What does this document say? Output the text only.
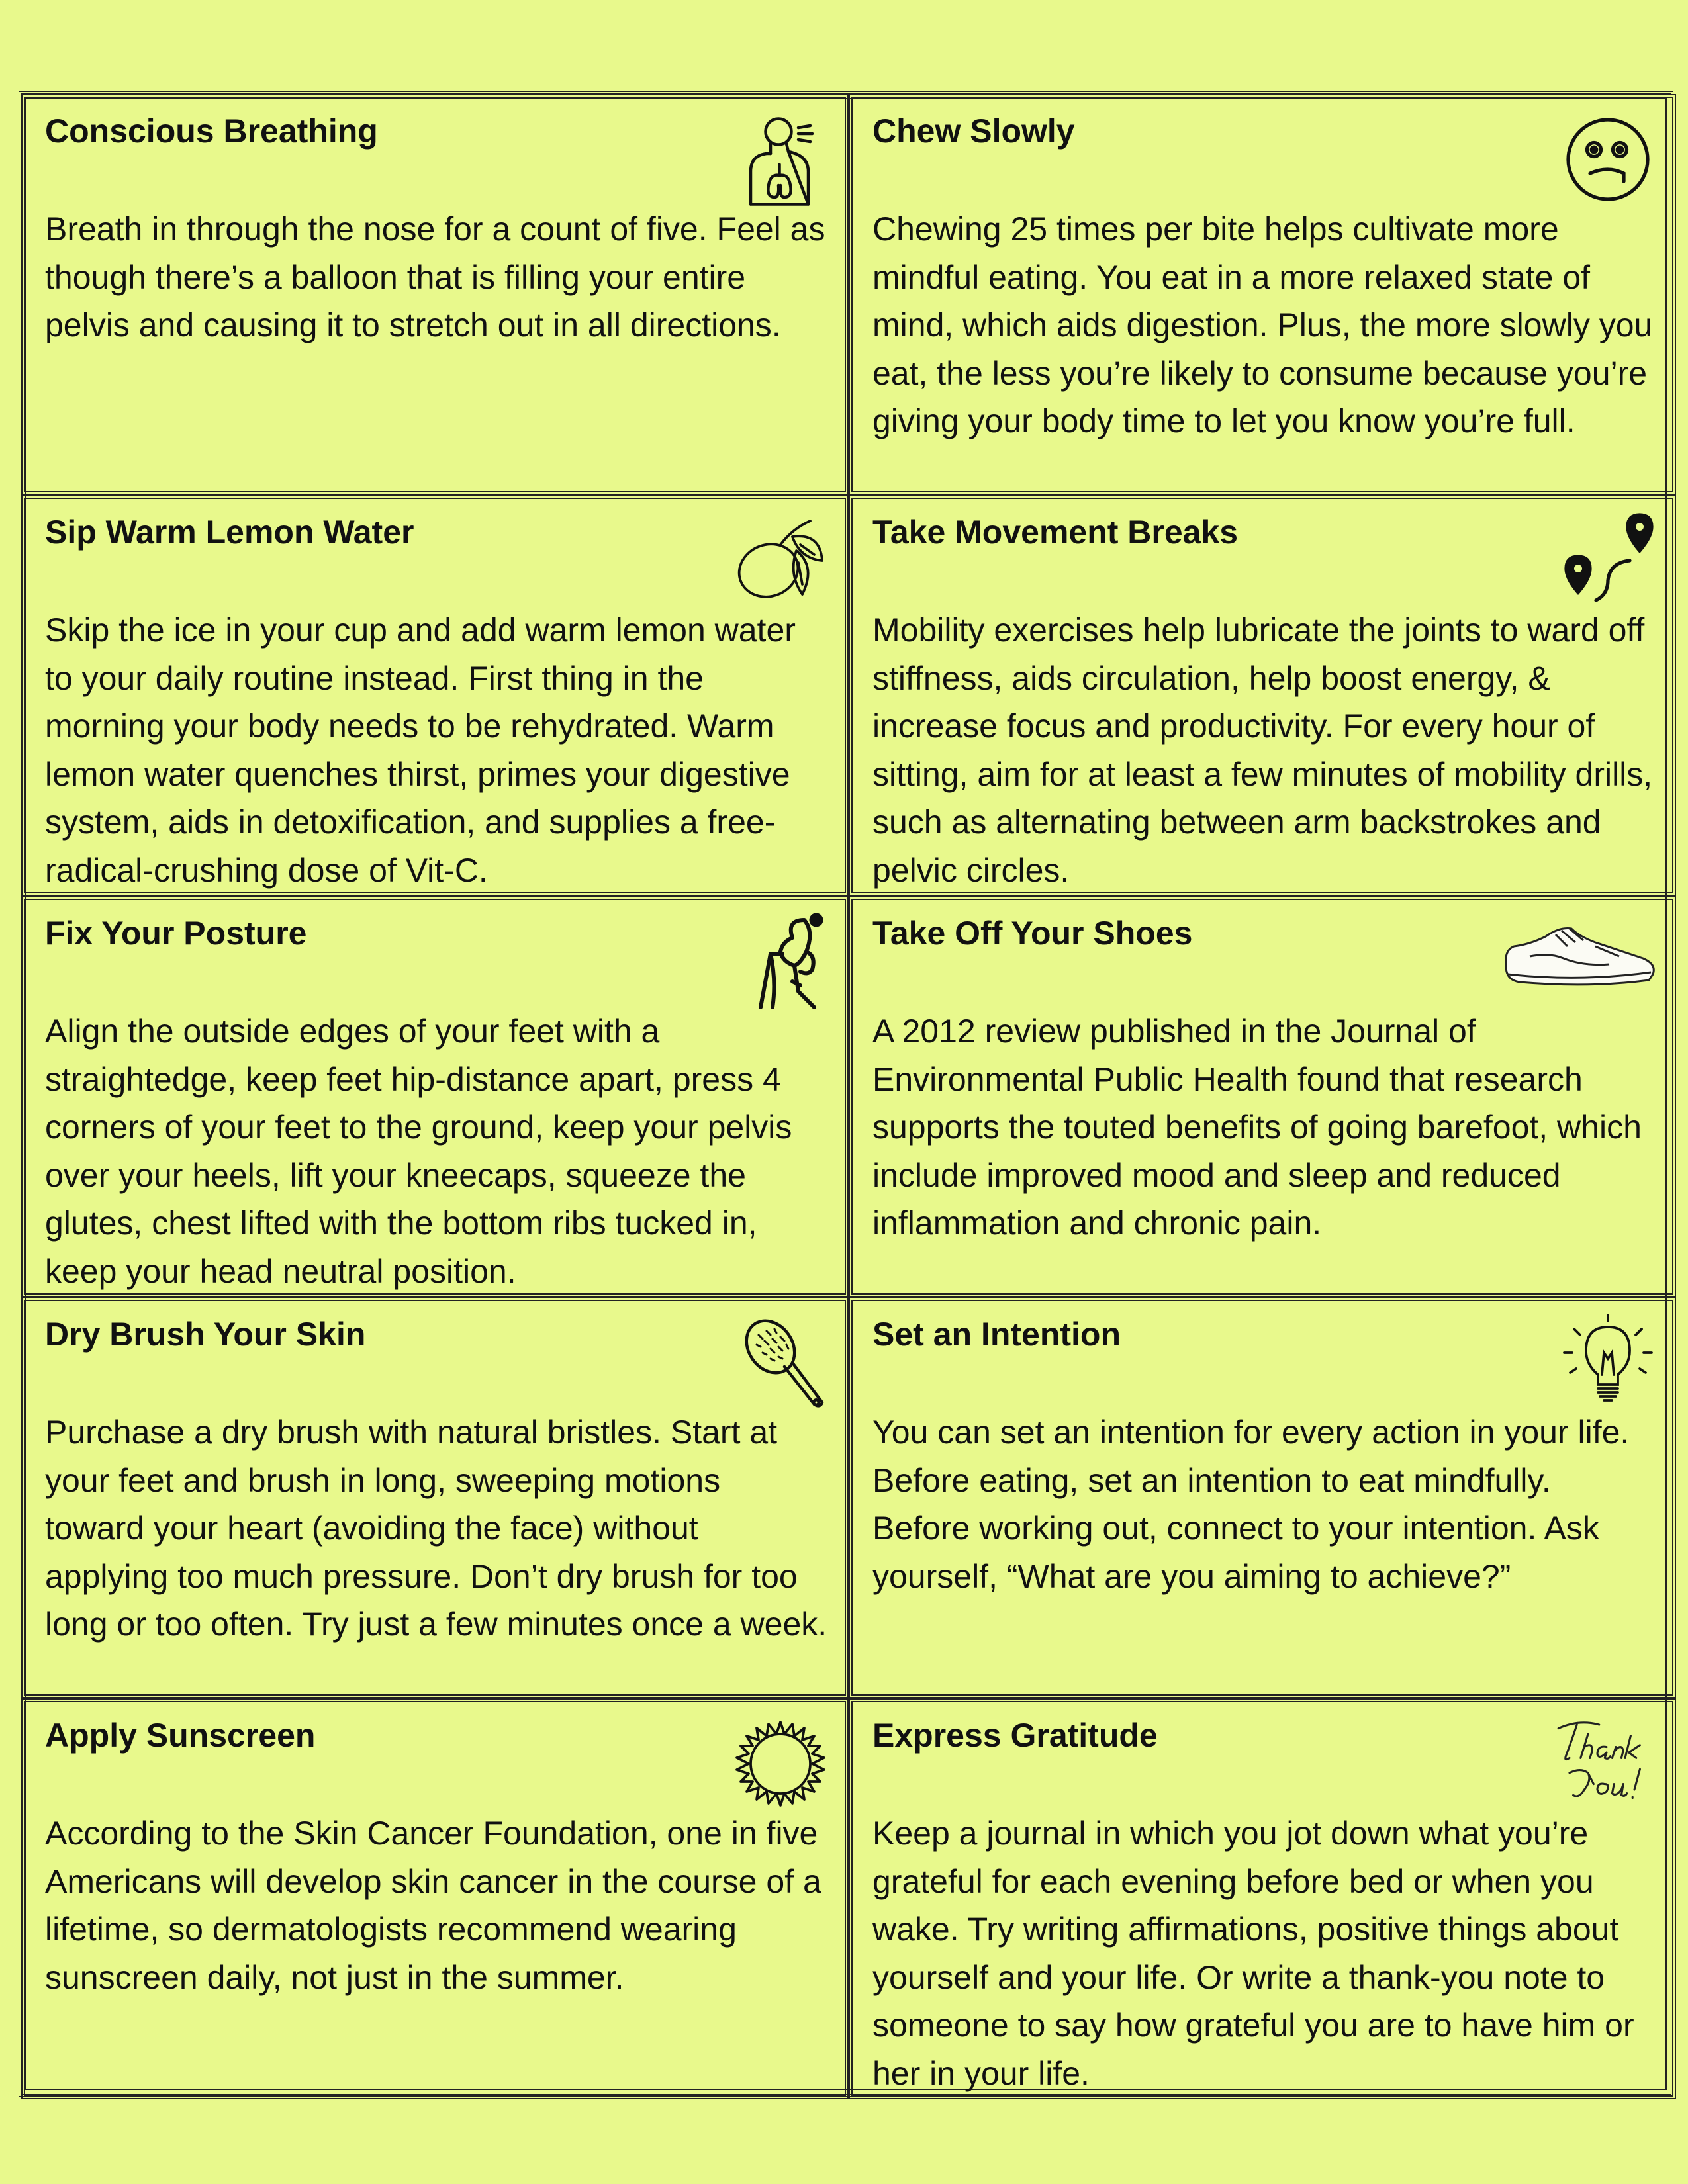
Conscious Breathing

Breath in through the nose for a count of five. Feel as though there’s a balloon that is filling your entire pelvis and causing it to stretch out in all directions.

Chew Slowly

Chewing 25 times per bite helps cultivate more mindful eating. You eat in a more relaxed state of mind, which aids digestion. Plus, the more slowly you eat, the less you’re likely to consume because you’re giving your body time to let you know you’re full.

Sip Warm Lemon Water

Skip the ice in your cup and add warm lemon water to your daily routine instead. First thing in the morning your body needs to be rehydrated. Warm lemon water quenches thirst, primes your digestive system, aids in detoxification, and supplies a free-radical-crushing dose of Vit-C.

Take Movement Breaks

Mobility exercises help lubricate the joints to ward off stiffness, aids circulation, help boost energy, & increase focus and productivity. For every hour of sitting, aim for at least a few minutes of mobility drills, such as alternating between arm backstrokes and pelvic circles.

Fix Your Posture

Align the outside edges of your feet with a straightedge, keep feet hip-distance apart, press 4 corners of your feet to the ground, keep your pelvis over your heels, lift your kneecaps, squeeze the glutes, chest lifted with the bottom ribs tucked in, keep your head neutral position.

Take Off Your Shoes

A 2012 review published in the Journal of Environmental Public Health found that research supports the touted benefits of going barefoot, which include improved mood and sleep and reduced inflammation and chronic pain.

Dry Brush Your Skin

Purchase a dry brush with natural bristles. Start at your feet and brush in long, sweeping motions toward your heart (avoiding the face) without applying too much pressure. Don’t dry brush for too long or too often. Try just a few minutes once a week.

Set an Intention

You can set an intention for every action in your life. Before eating, set an intention to eat mindfully. Before working out, connect to your intention. Ask yourself, “What are you aiming to achieve?”

Apply Sunscreen

According to the Skin Cancer Foundation, one in five Americans will develop skin cancer in the course of a lifetime, so dermatologists recommend wearing sunscreen daily, not just in the summer.

Express Gratitude

Keep a journal in which you jot down what you’re grateful for each evening before bed or when you wake. Try writing affirmations, positive things about yourself and your life. Or write a thank-you note to someone to say how grateful you are to have him or her in your life.
